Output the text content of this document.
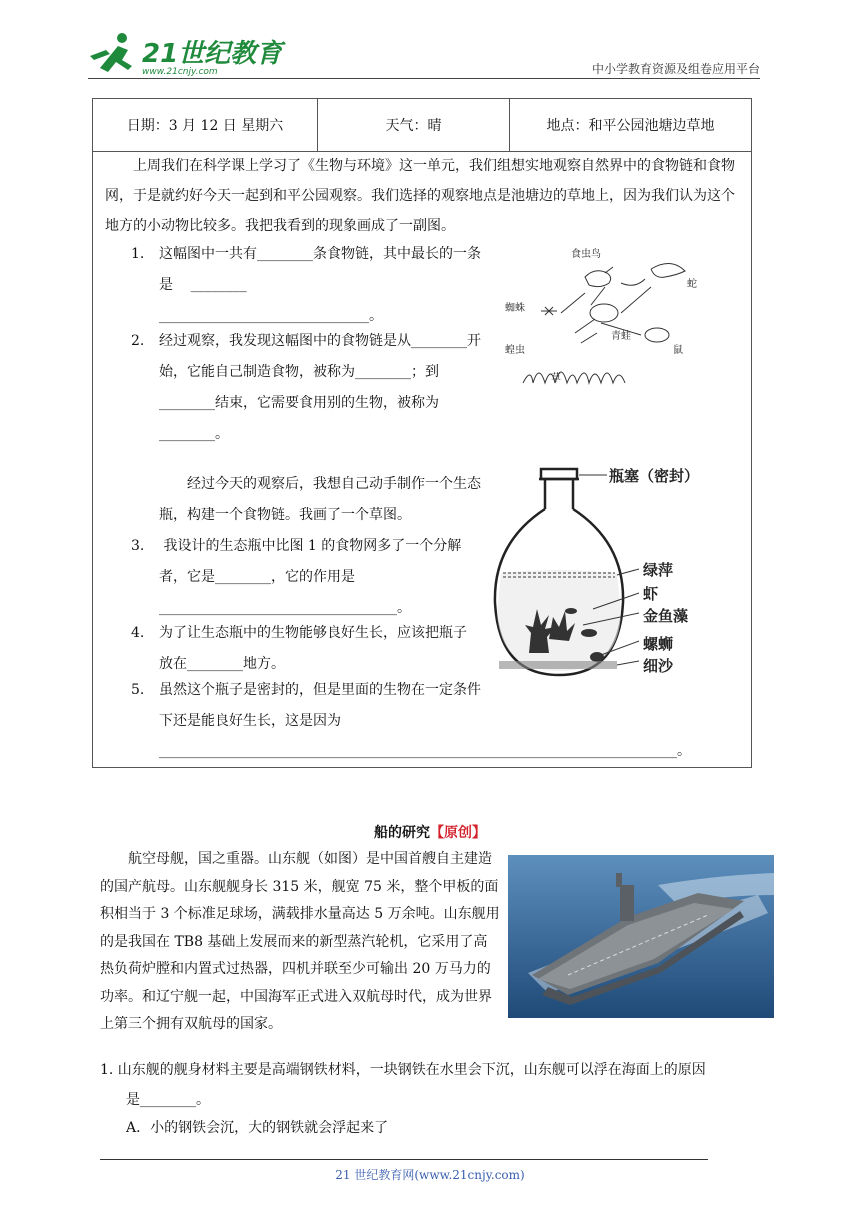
21世纪教育
www.21cnjy.com	中小学教育资源及组卷应用平台
日期：3 月 12 日 星期六	天气：晴	地点：和平公园池塘边草地
上周我们在科学课上学习了《生物与环境》这一单元，我们组想实地观察自然界中的食物链和食物网，于是就约好今天一起到和平公园观察。我们选择的观察地点是池塘边的草地上，因为我们认为这个地方的小动物比较多。我把我看到的现象画成了一副图。
1. 这幅图中一共有________条食物链，其中最长的一条是    ________
______________________________。
2. 经过观察，我发现这幅图中的食物链是从________开始，它能自己制造食物，被称为________；到________结束，它需要食用别的生物，被称为________。
食虫鸟
蛇
蜘蛛
青蛙
蝗虫	鼠
草
经过今天的观察后，我想自己动手制作一个生态瓶，构建一个食物链。我画了一个草图。
3.	我设计的生态瓶中比图 1 的食物网多了一个分解者，它是________，它的作用是
__________________________________。
4. 为了让生态瓶中的生物能够良好生长，应该把瓶子放在________地方。
5. 虽然这个瓶子是密封的，但是里面的生物在一定条件下还是能良好生长，这是因为
__________________________________________________________________________。
瓶塞（密封）
绿萍
虾
金鱼藻
螺蛳
细沙
船的研究【原创】
航空母舰，国之重器。山东舰（如图）是中国首艘自主建造的国产航母。山东舰舰身长 315 米，舰宽 75 米，整个甲板的面积相当于 3 个标准足球场，满载排水量高达 5 万余吨。山东舰用的是我国在 TB8 基础上发展而来的新型蒸汽轮机，它采用了高热负荷炉膛和内置式过热器，四机并联至少可输出 20 万马力的功率。和辽宁舰一起，中国海军正式进入双航母时代，成为世界上第三个拥有双航母的国家。
1. 山东舰的舰身材料主要是高端钢铁材料，一块钢铁在水里会下沉，山东舰可以浮在海面上的原因
是________。
A．小的钢铁会沉，大的钢铁就会浮起来了
21 世纪教育网(www.21cnjy.com)
